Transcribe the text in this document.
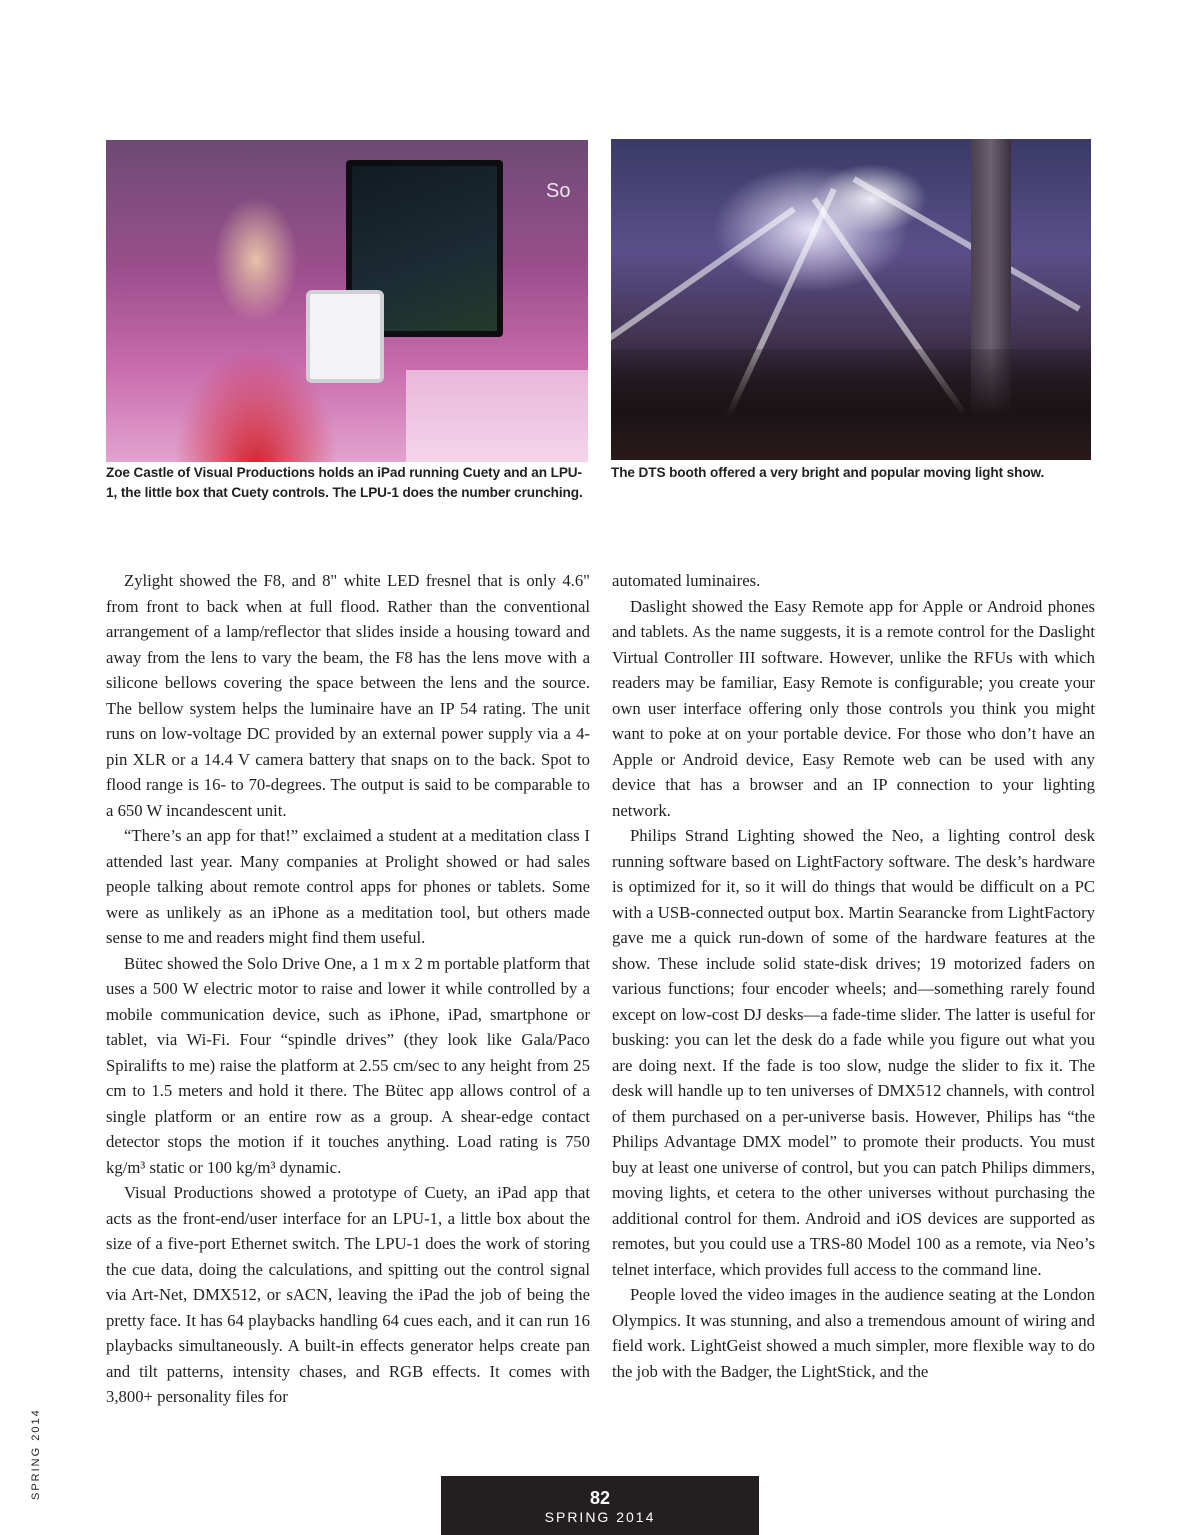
So

Zoe Castle of Visual Productions holds an iPad running Cuety and an LPU-1, the little box that Cuety controls. The LPU-1 does the number crunching.

The DTS booth offered a very bright and popular moving light show.

Zylight showed the F8, and 8" white LED fresnel that is only 4.6" from front to back when at full flood. Rather than the conventional arrangement of a lamp/reflector that slides inside a housing toward and away from the lens to vary the beam, the F8 has the lens move with a silicone bellows covering the space between the lens and the source. The bellow system helps the luminaire have an IP 54 rating. The unit runs on low-voltage DC provided by an external power supply via a 4-pin XLR or a 14.4 V camera battery that snaps on to the back. Spot to flood range is 16- to 70-degrees. The output is said to be comparable to a 650 W incandescent unit.

“There’s an app for that!” exclaimed a student at a meditation class I attended last year. Many companies at Prolight showed or had sales people talking about remote control apps for phones or tablets. Some were as unlikely as an iPhone as a meditation tool, but others made sense to me and readers might find them useful.

Bütec showed the Solo Drive One, a 1 m x 2 m portable platform that uses a 500 W electric motor to raise and lower it while controlled by a mobile communication device, such as iPhone, iPad, smartphone or tablet, via Wi-Fi. Four “spindle drives” (they look like Gala/Paco Spiralifts to me) raise the platform at 2.55 cm/sec to any height from 25 cm to 1.5 meters and hold it there. The Bütec app allows control of a single platform or an entire row as a group. A shear-edge contact detector stops the motion if it touches anything. Load rating is 750 kg/m³ static or 100 kg/m³ dynamic.

Visual Productions showed a prototype of Cuety, an iPad app that acts as the front-end/user interface for an LPU-1, a little box about the size of a five-port Ethernet switch. The LPU-1 does the work of storing the cue data, doing the calculations, and spitting out the control signal via Art-Net, DMX512, or sACN, leaving the iPad the job of being the pretty face. It has 64 playbacks handling 64 cues each, and it can run 16 playbacks simultaneously. A built-in effects generator helps create pan and tilt patterns, intensity chases, and RGB effects. It comes with 3,800+ personality files for

automated luminaires.

Daslight showed the Easy Remote app for Apple or Android phones and tablets. As the name suggests, it is a remote control for the Daslight Virtual Controller III software. However, unlike the RFUs with which readers may be familiar, Easy Remote is configurable; you create your own user interface offering only those controls you think you might want to poke at on your portable device. For those who don’t have an Apple or Android device, Easy Remote web can be used with any device that has a browser and an IP connection to your lighting network.

Philips Strand Lighting showed the Neo, a lighting control desk running software based on LightFactory software. The desk’s hardware is optimized for it, so it will do things that would be difficult on a PC with a USB-connected output box. Martin Searancke from LightFactory gave me a quick run-down of some of the hardware features at the show. These include solid state-disk drives; 19 motorized faders on various functions; four encoder wheels; and—something rarely found except on low-cost DJ desks—a fade-time slider. The latter is useful for busking: you can let the desk do a fade while you figure out what you are doing next. If the fade is too slow, nudge the slider to fix it. The desk will handle up to ten universes of DMX512 channels, with control of them purchased on a per-universe basis. However, Philips has “the Philips Advantage DMX model” to promote their products. You must buy at least one universe of control, but you can patch Philips dimmers, moving lights, et cetera to the other universes without purchasing the additional control for them. Android and iOS devices are supported as remotes, but you could use a TRS-80 Model 100 as a remote, via Neo’s telnet interface, which provides full access to the command line.

People loved the video images in the audience seating at the London Olympics. It was stunning, and also a tremendous amount of wiring and field work. LightGeist showed a much simpler, more flexible way to do the job with the Badger, the LightStick, and the

SPRING 2014	82
SPRING 2014
